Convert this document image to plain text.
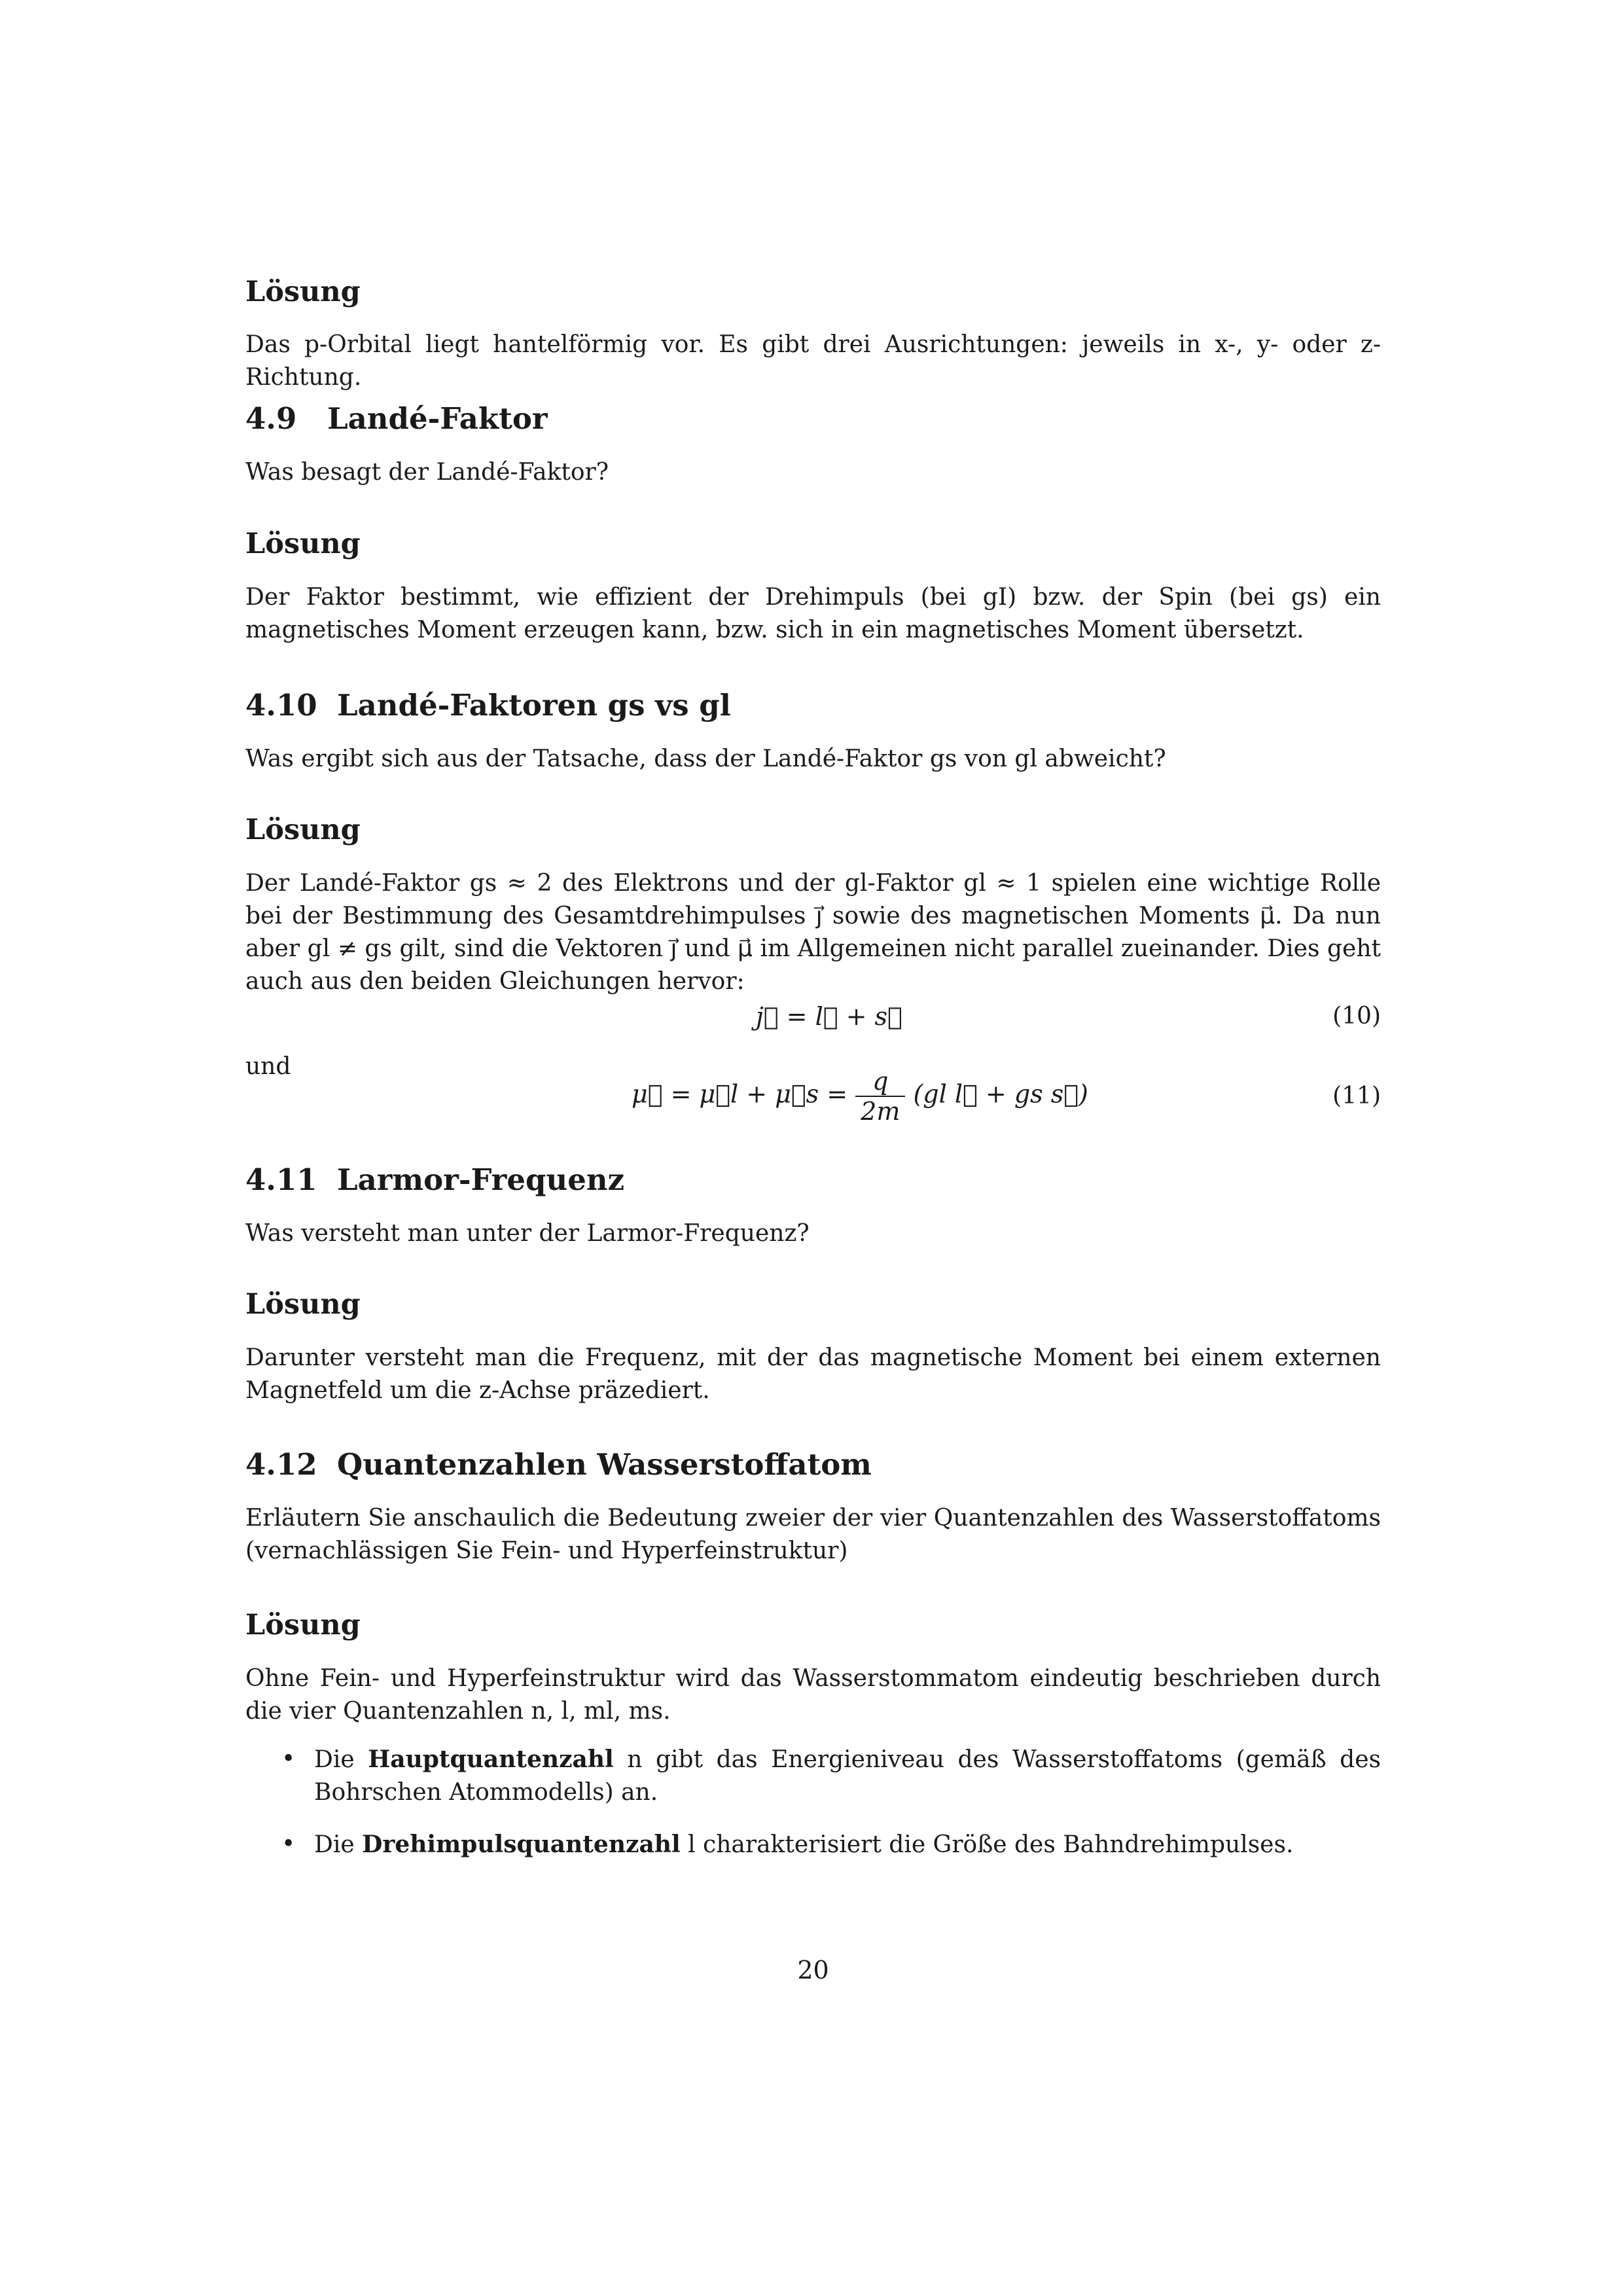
Lösung

Das p-Orbital liegt hantelförmig vor. Es gibt drei Ausrichtungen: jeweils in x-, y- oder z-Richtung.

4.9 Landé-Faktor

Was besagt der Landé-Faktor?

Lösung

Der Faktor bestimmt, wie effizient der Drehimpuls (bei gI) bzw. der Spin (bei gs) ein magnetisches Moment erzeugen kann, bzw. sich in ein magnetisches Moment übersetzt.

4.10 Landé-Faktoren gs vs gl

Was ergibt sich aus der Tatsache, dass der Landé-Faktor gs von gl abweicht?

Lösung

Der Landé-Faktor gs ≈ 2 des Elektrons und der gl-Faktor gl ≈ 1 spielen eine wichtige Rolle bei der Bestimmung des Gesamtdrehimpulses j⃗ sowie des magnetischen Moments μ⃗. Da nun aber gl ≠ gs gilt, sind die Vektoren j⃗ und μ⃗ im Allgemeinen nicht parallel zueinander. Dies geht auch aus den beiden Gleichungen hervor:

j⃗ = l⃗ + s⃗	(10)

und

μ⃗ = μ⃗l + μ⃗s = $\frac{q}{2m} (gl$ l⃗ + gs s⃗)	(11)

4.11 Larmor-Frequenz

Was versteht man unter der Larmor-Frequenz?

Lösung

Darunter versteht man die Frequenz, mit der das magnetische Moment bei einem externen Magnetfeld um die z-Achse präzediert.

4.12 Quantenzahlen Wasserstoffatom

Erläutern Sie anschaulich die Bedeutung zweier der vier Quantenzahlen des Wasserstoffatoms (vernachlässigen Sie Fein- und Hyperfeinstruktur)

Lösung

Ohne Fein- und Hyperfeinstruktur wird das Wasserstommatom eindeutig beschrieben durch die vier Quantenzahlen n, l, ml, ms.

• Die Hauptquantenzahl n gibt das Energieniveau des Wasserstoffatoms (gemäß des Bohrschen Atommodells) an.

• Die Drehimpulsquantenzahl l charakterisiert die Größe des Bahndrehimpulses.

20
